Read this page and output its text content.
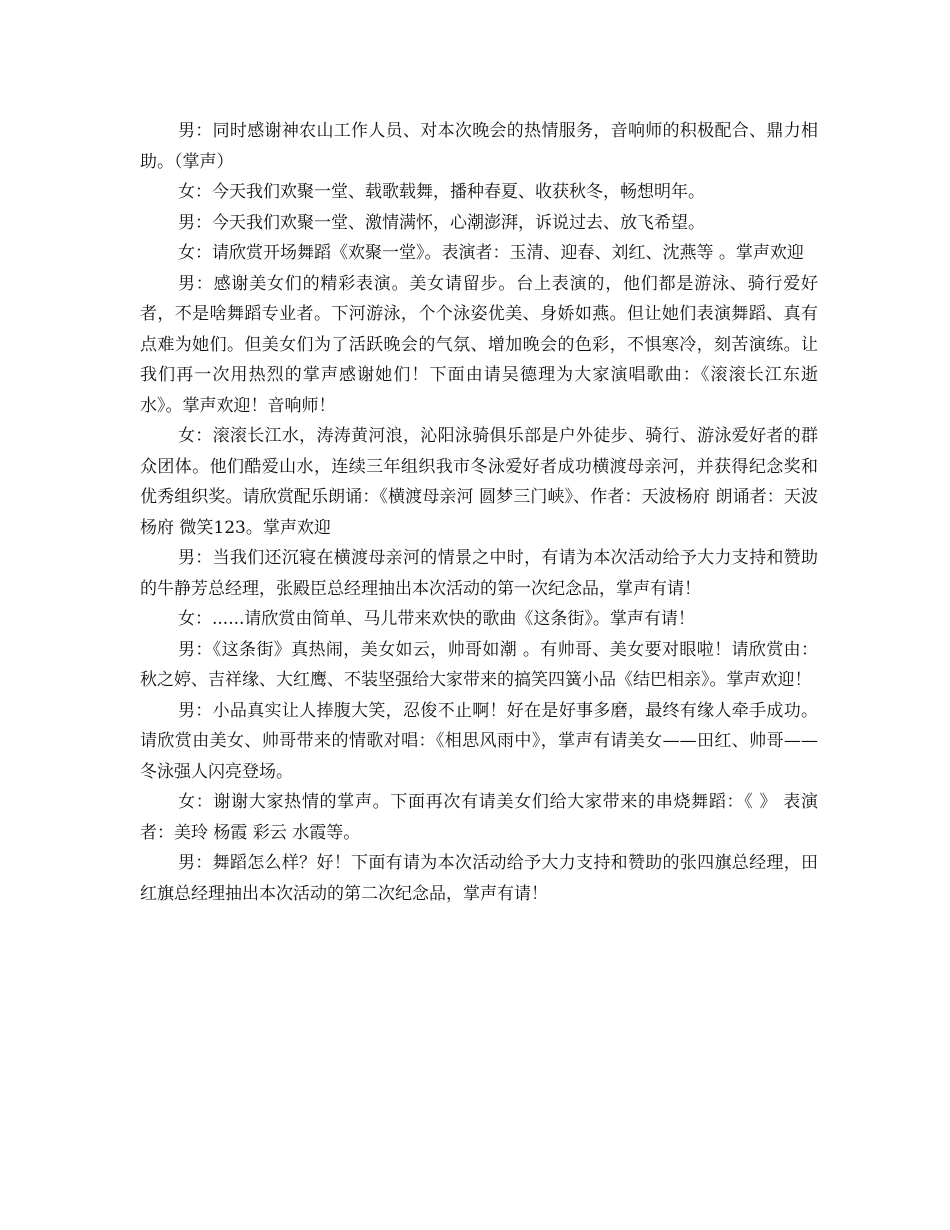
男：同时感谢神农山工作人员、对本次晚会的热情服务，音响师的积极配合、鼎力相助。（掌声）

女：今天我们欢聚一堂、载歌载舞，播种春夏、收获秋冬，畅想明年。

男：今天我们欢聚一堂、激情满怀，心潮澎湃，诉说过去、放飞希望。

女：请欣赏开场舞蹈《欢聚一堂》。表演者：玉清、迎春、刘红、沈燕等 。掌声欢迎

男：感谢美女们的精彩表演。美女请留步。台上表演的，他们都是游泳、骑行爱好者，不是啥舞蹈专业者。下河游泳，个个泳姿优美、身娇如燕。但让她们表演舞蹈、真有点难为她们。但美女们为了活跃晚会的气氛、增加晚会的色彩，不惧寒冷，刻苦演练。让我们再一次用热烈的掌声感谢她们！下面由请吴德理为大家演唱歌曲：《滚滚长江东逝水》。掌声欢迎！音响师！

女：滚滚长江水，涛涛黄河浪，沁阳泳骑俱乐部是户外徒步、骑行、游泳爱好者的群众团体。他们酷爱山水，连续三年组织我市冬泳爱好者成功横渡母亲河，并获得纪念奖和优秀组织奖。请欣赏配乐朗诵：《横渡母亲河 圆梦三门峡》、作者：天波杨府 朗诵者：天波杨府 微笑123。掌声欢迎

男：当我们还沉寝在横渡母亲河的情景之中时，有请为本次活动给予大力支持和赞助的牛静芳总经理，张殿臣总经理抽出本次活动的第一次纪念品，掌声有请！

女：......请欣赏由简单、马儿带来欢快的歌曲《这条街》。掌声有请！

男：《这条街》真热闹，美女如云，帅哥如潮 。有帅哥、美女要对眼啦！请欣赏由：秋之婷、吉祥缘、大红鹰、不装坚强给大家带来的搞笑四簧小品《结巴相亲》。掌声欢迎！

男：小品真实让人捧腹大笑，忍俊不止啊！好在是好事多磨，最终有缘人牵手成功。请欣赏由美女、帅哥带来的情歌对唱：《相思风雨中》，掌声有请美女——田红、帅哥——冬泳强人闪亮登场。

女：谢谢大家热情的掌声。下面再次有请美女们给大家带来的串烧舞蹈：《 》 表演者：美玲 杨霞 彩云 水霞等。

男：舞蹈怎么样？好！下面有请为本次活动给予大力支持和赞助的张四旗总经理，田红旗总经理抽出本次活动的第二次纪念品，掌声有请！
